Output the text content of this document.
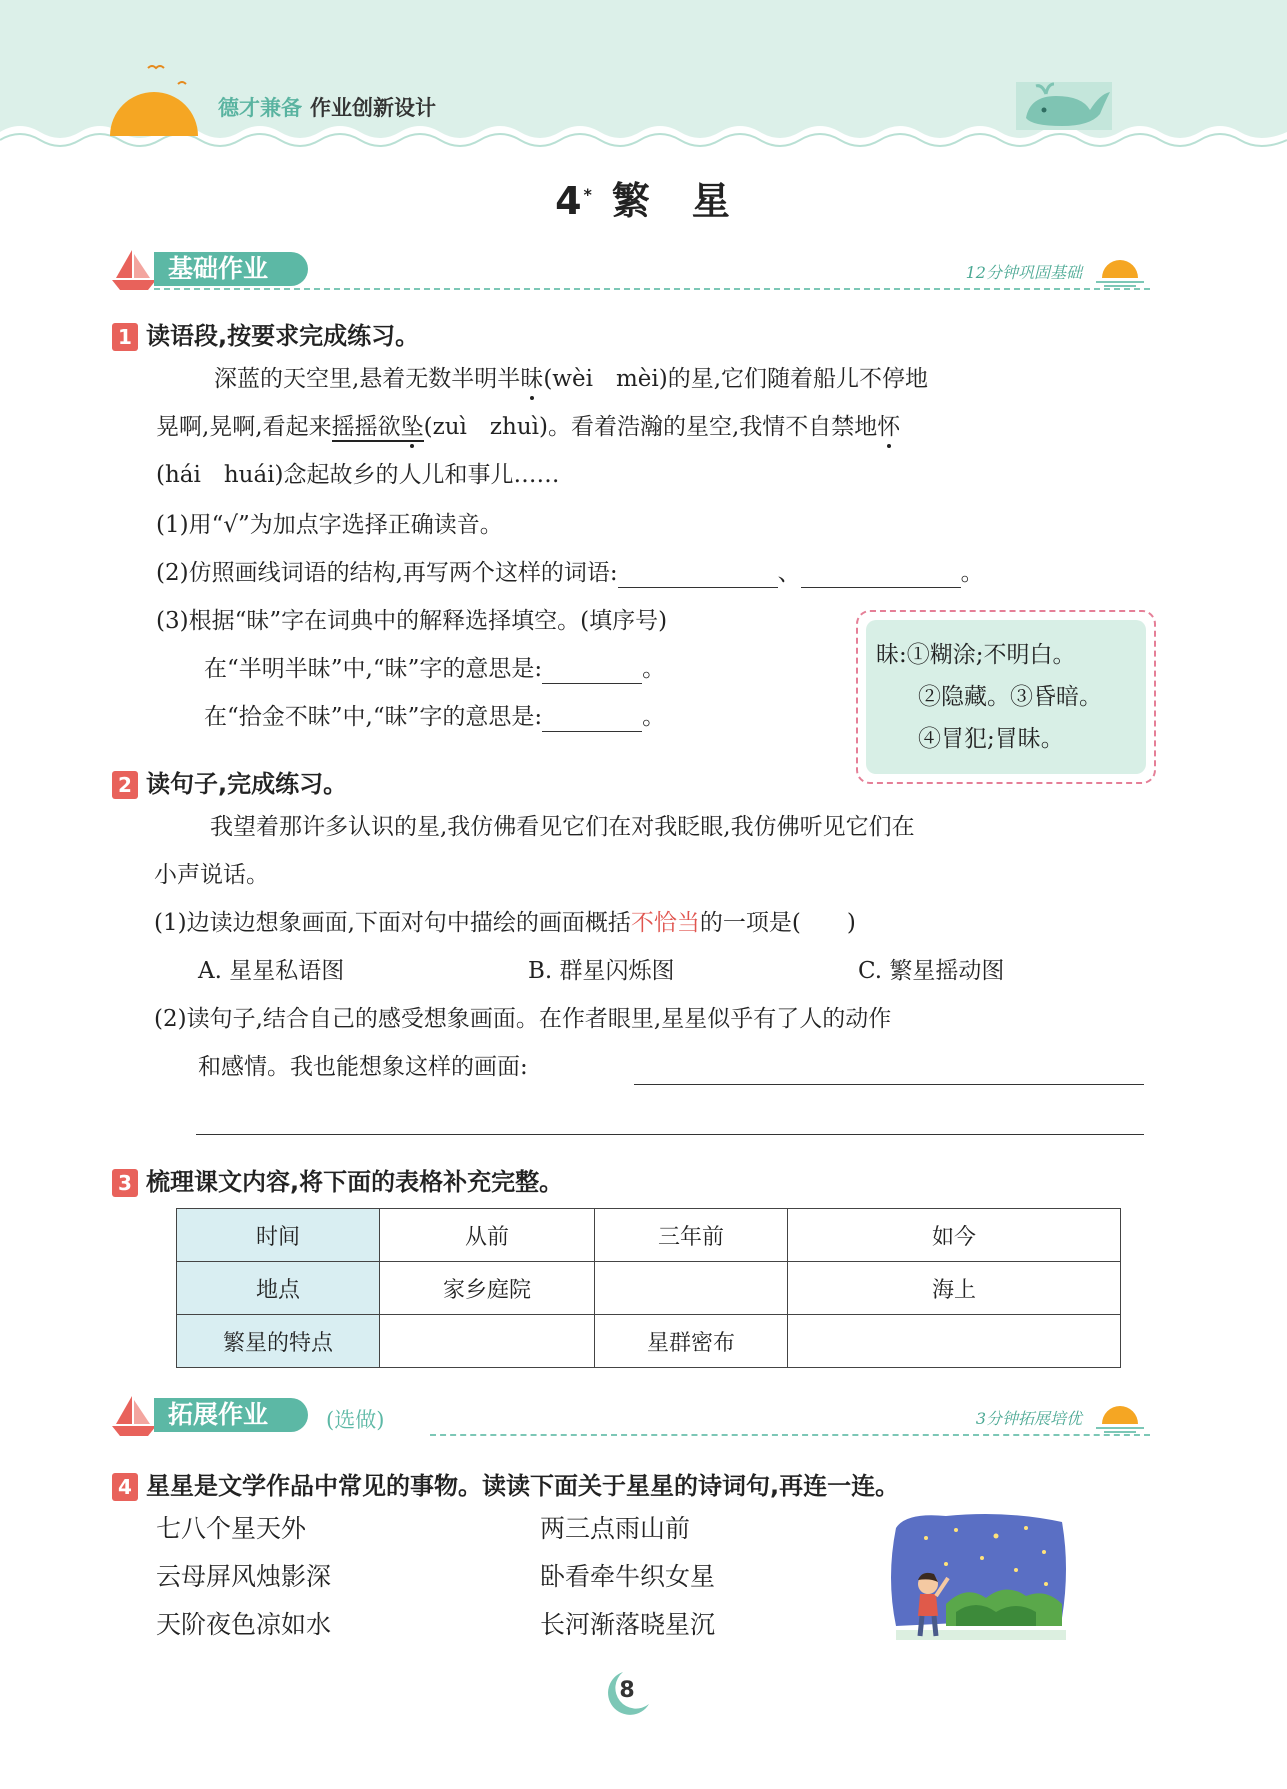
德才兼备 作业创新设计
4* 繁　星
基础作业	12分钟巩固基础
1 读语段,按要求完成练习。
深蓝的天空里,悬着无数半明半昧(wèi　mèi)的星,它们随着船儿不停地
晃啊,晃啊,看起来摇摇欲坠(zuì　zhuì)。看着浩瀚的星空,我情不自禁地怀
(hái　huái)念起故乡的人儿和事儿……
(1)用“√”为加点字选择正确读音。
(2)仿照画线词语的结构,再写两个这样的词语:	、	。
(3)根据“昧”字在词典中的解释选择填空。(填序号)
在“半明半昧”中,“昧”字的意思是:	。
在“拾金不昧”中,“昧”字的意思是:	。
昧:①糊涂;不明白。
②隐藏。③昏暗。
④冒犯;冒昧。
2 读句子,完成练习。
我望着那许多认识的星,我仿佛看见它们在对我眨眼,我仿佛听见它们在
小声说话。
(1)边读边想象画面,下面对句中描绘的画面概括不恰当的一项是(　　)
A. 星星私语图	B. 群星闪烁图	C. 繁星摇动图
(2)读句子,结合自己的感受想象画面。在作者眼里,星星似乎有了人的动作
和感情。我也能想象这样的画面:
3 梳理课文内容,将下面的表格补充完整。
时间	从前	三年前	如今
地点	家乡庭院		海上
繁星的特点		星群密布	
拓展作业	(选做)	3分钟拓展培优
4 星星是文学作品中常见的事物。读读下面关于星星的诗词句,再连一连。
七八个星天外
云母屏风烛影深
天阶夜色凉如水
两三点雨山前
卧看牵牛织女星
长河渐落晓星沉
8
